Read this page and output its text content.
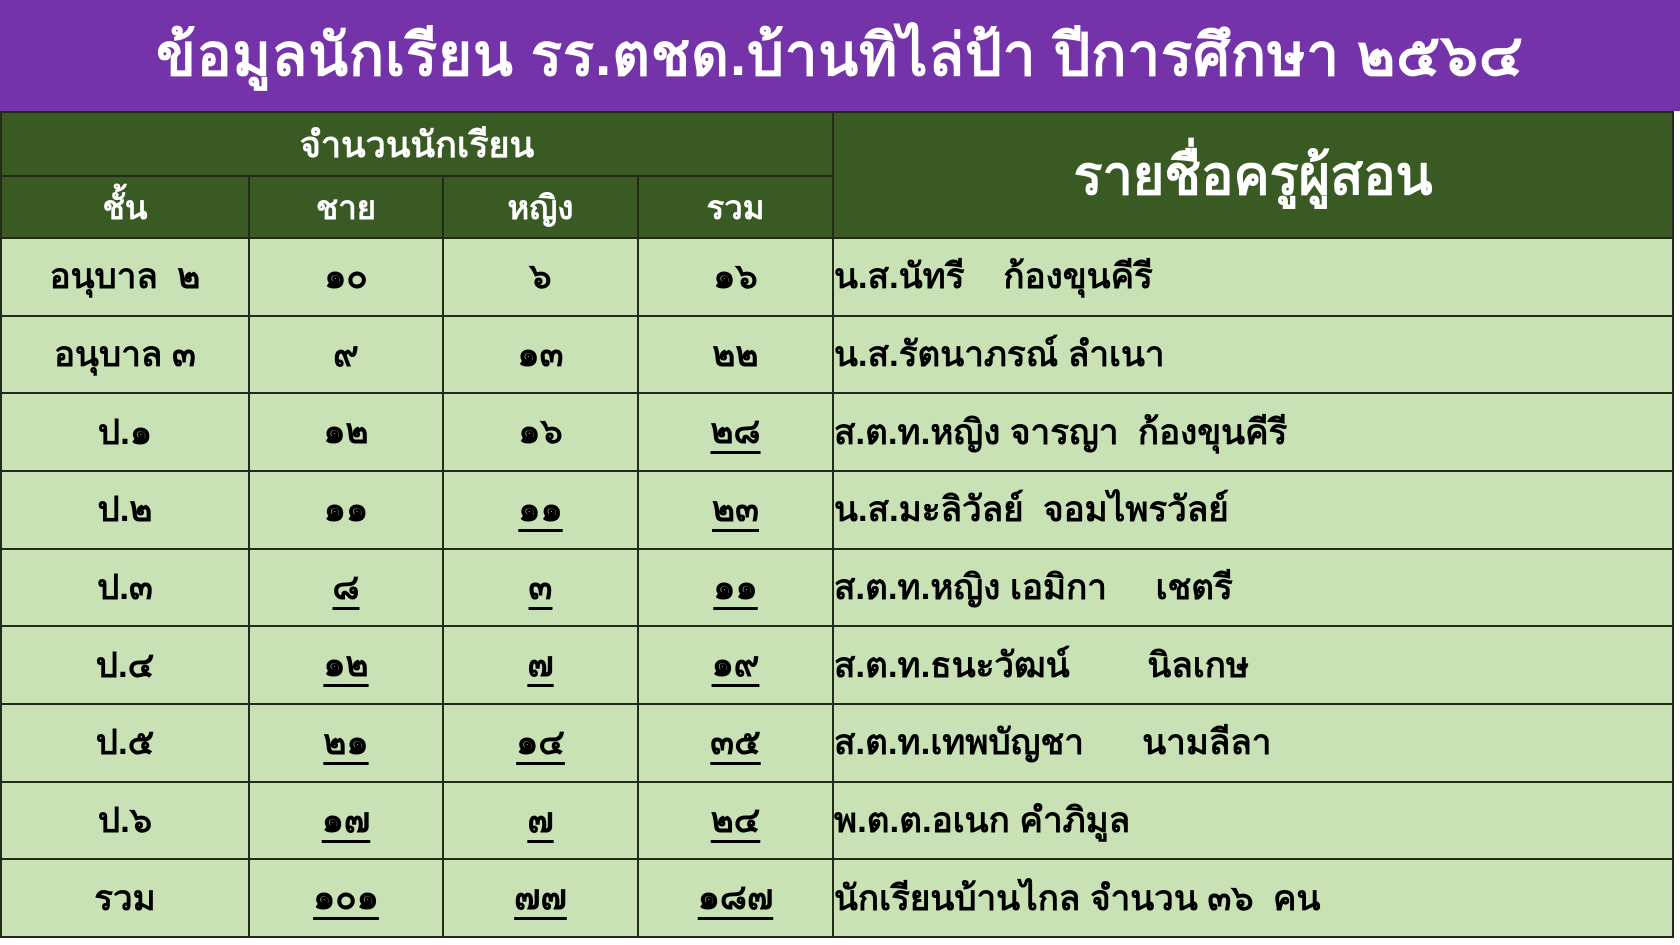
ข้อมูลนักเรียน รร.ตชด.บ้านทิไล่ป้า ปีการศึกษา ๒๕๖๔
จำนวนนักเรียน				รายชื่อครูผู้สอน
ชั้น	ชาย	หญิง	รวม	
อนุบาล  ๒	๑๐	๖	๑๖	น.ส.นัทรี    ก้องขุนคีรี
อนุบาล ๓	๙	๑๓	๒๒	น.ส.รัตนาภรณ์ ลำเนา
ป.๑	๑๒	๑๖	๒๘	ส.ต.ท.หญิง จารญา  ก้องขุนคีรี
ป.๒	๑๑	๑๑	๒๓	น.ส.มะลิวัลย์  จอมไพรวัลย์
ป.๓	๘	๓	๑๑	ส.ต.ท.หญิง เอมิกา     เชตรี
ป.๔	๑๒	๗	๑๙	ส.ต.ท.ธนะวัฒน์        นิลเกษ
ป.๕	๒๑	๑๔	๓๕	ส.ต.ท.เทพบัญชา      นามลีลา
ป.๖	๑๗	๗	๒๔	พ.ต.ต.อเนก คำภิมูล
รวม	๑๐๑	๗๗	๑๘๗	นักเรียนบ้านไกล จำนวน ๓๖  คน
